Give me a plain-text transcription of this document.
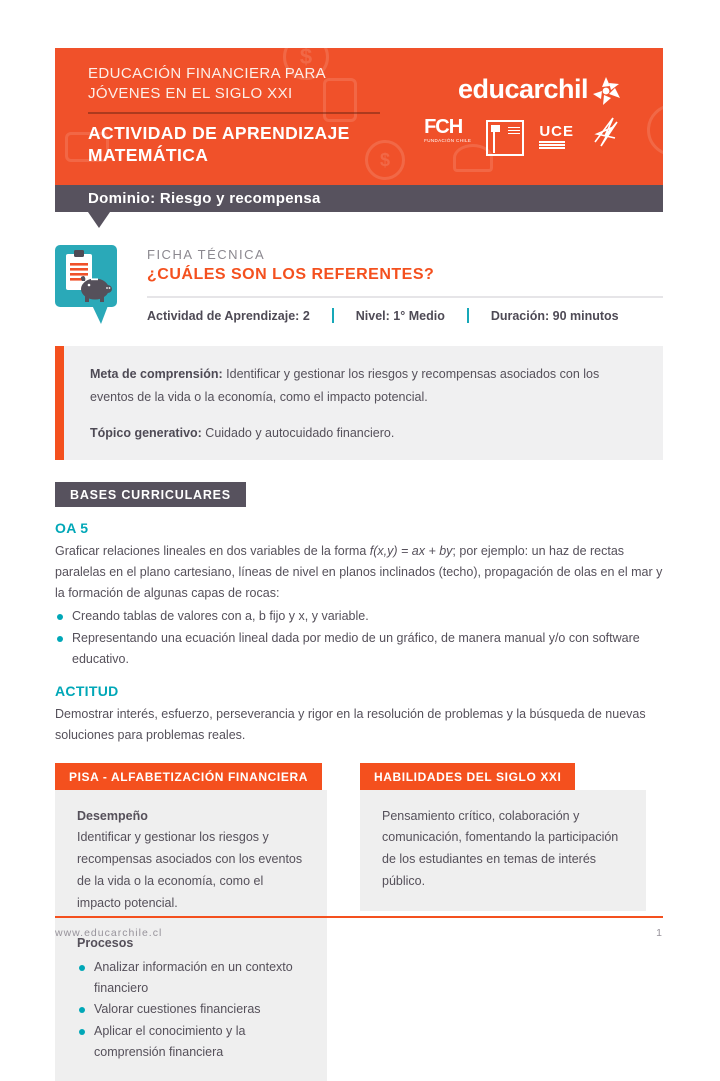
$
$
$
EDUCACIÓN FINANCIERA PARA
JÓVENES EN EL SIGLO XXI
ACTIVIDAD DE APRENDIZAJE
MATEMÁTICA
educarchil
FCH
FUNDACIÓN CHILE
UCE
Dominio: Riesgo y recompensa
FICHA TÉCNICA
¿CUÁLES SON LOS REFERENTES?
Actividad de Aprendizaje: 2	Nivel: 1° Medio	Duración: 90 minutos

Meta de comprensión: Identificar y gestionar los riesgos y recompensas asociados con los eventos de la vida o la economía, como el impacto potencial.

Tópico generativo: Cuidado y autocuidado financiero.

BASES CURRICULARES
OA 5

Graficar relaciones lineales en dos variables de la forma f(x,y) = ax + by; por ejemplo: un haz de rectas paralelas en el plano cartesiano, líneas de nivel en planos inclinados (techo), propagación de olas en el mar y la formación de algunas capas de rocas:

Creando tablas de valores con a, b fijo y x, y variable.
Representando una ecuación lineal dada por medio de un gráfico, de manera manual y/o con software educativo.
ACTITUD

Demostrar interés, esfuerzo, perseverancia y rigor en la resolución de problemas y la búsqueda de nuevas soluciones para problemas reales.

PISA - ALFABETIZACIÓN FINANCIERA
Desempeño
Identificar y gestionar los riesgos y recompensas asociados con los eventos de la vida o la economía, como el impacto potencial.
Procesos
Analizar información en un contexto financiero
Valorar cuestiones financieras
Aplicar el conocimiento y la comprensión financiera
HABILIDADES DEL SIGLO XXI
Pensamiento crítico, colaboración y comunicación, fomentando la participación de los estudiantes en temas de interés público.
www.educarchile.cl	1
